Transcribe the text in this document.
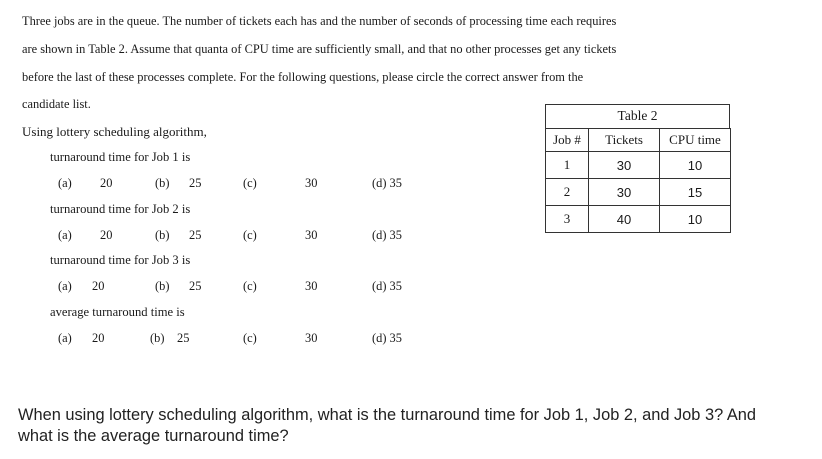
Three jobs are in the queue. The number of tickets each has and the number of seconds of processing time each requires
are shown in Table 2. Assume that quanta of CPU time are sufficiently small, and that no other processes get any tickets
before the last of these processes complete. For the following questions, please circle the correct answer from the
candidate list.
Using lottery scheduling algorithm,
turnaround time for Job 1 is
(a) 20	(b) 25	(c)	30	(d) 35
turnaround time for Job 2 is
(a) 20	(b) 25	(c)	30	(d) 35
turnaround time for Job 3 is
(a) 20	(b) 25	(c)	30	(d) 35
average turnaround time is
(a) 20	(b) 25	(c)	30	(d) 35
Table 2
Job #	Tickets	CPU time
1	30	10
2	30	15
3	40	10
When using lottery scheduling algorithm, what is the turnaround time for Job 1, Job 2, and Job 3? And what is the average turnaround time?
